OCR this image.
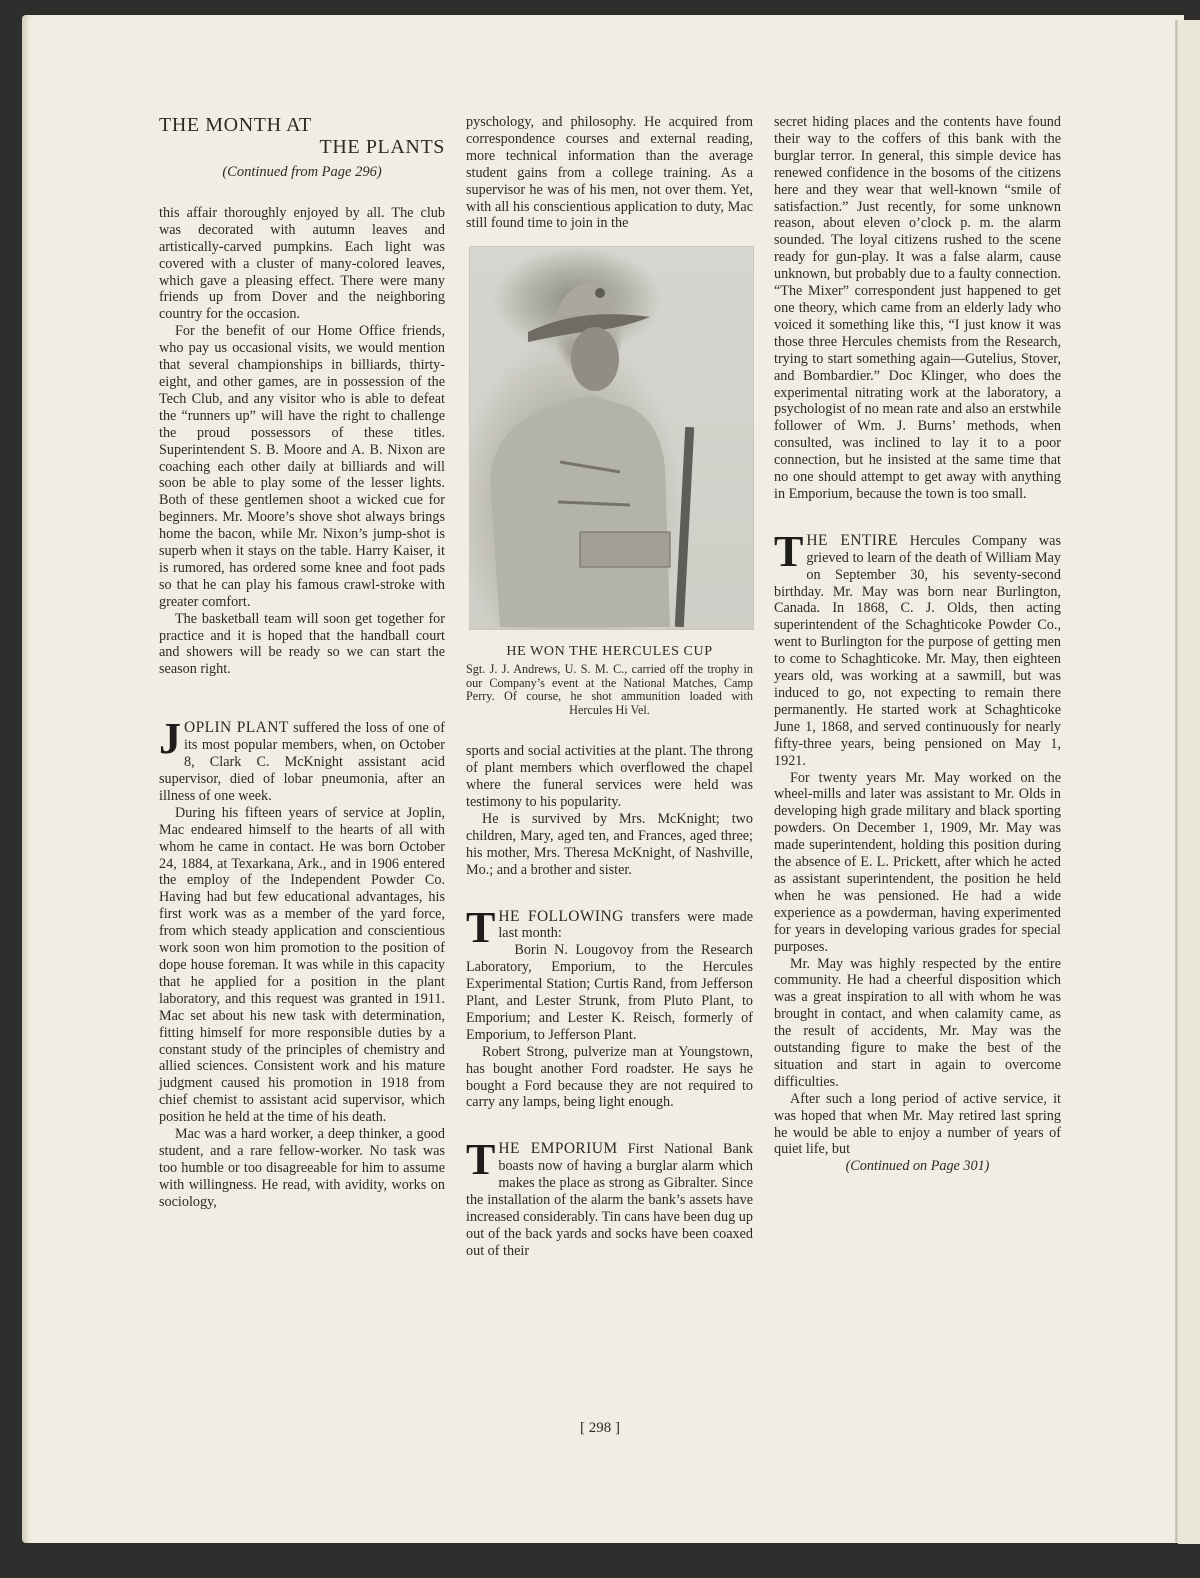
THE MONTH AT
THE PLANTS
(Continued from Page 296)

this affair thoroughly enjoyed by all. The club was decorated with autumn leaves and artistically-carved pumpkins. Each light was covered with a cluster of many-colored leaves, which gave a pleasing effect. There were many friends up from Dover and the neighboring country for the occasion.

For the benefit of our Home Office friends, who pay us occasional visits, we would mention that several championships in billiards, thirty-eight, and other games, are in possession of the Tech Club, and any visitor who is able to defeat the “runners up” will have the right to challenge the proud possessors of these titles. Superintendent S. B. Moore and A. B. Nixon are coaching each other daily at billiards and will soon be able to play some of the lesser lights. Both of these gentlemen shoot a wicked cue for beginners. Mr. Moore’s shove shot always brings home the bacon, while Mr. Nixon’s jump-shot is superb when it stays on the table. Harry Kaiser, it is rumored, has ordered some knee and foot pads so that he can play his famous crawl-stroke with greater comfort.

The basketball team will soon get together for practice and it is hoped that the handball court and showers will be ready so we can start the season right.

JOPLIN PLANT suffered the loss of one of its most popular members, when, on October 8, Clark C. McKnight assistant acid supervisor, died of lobar pneumonia, after an illness of one week.

During his fifteen years of service at Joplin, Mac endeared himself to the hearts of all with whom he came in contact. He was born October 24, 1884, at Texarkana, Ark., and in 1906 entered the employ of the Independent Powder Co. Having had but few educational advantages, his first work was as a member of the yard force, from which steady application and conscientious work soon won him promotion to the position of dope house foreman. It was while in this capacity that he applied for a position in the plant laboratory, and this request was granted in 1911. Mac set about his new task with determination, fitting himself for more responsible duties by a constant study of the principles of chemistry and allied sciences. Consistent work and his mature judgment caused his promotion in 1918 from chief chemist to assistant acid supervisor, which position he held at the time of his death.

Mac was a hard worker, a deep thinker, a good student, and a rare fellow-worker. No task was too humble or too disagreeable for him to assume with willingness. He read, with avidity, works on sociology,

pyschology, and philosophy. He acquired from correspondence courses and external reading, more technical information than the average student gains from a college training. As a supervisor he was of his men, not over them. Yet, with all his conscientious application to duty, Mac still found time to join in the

HE WON THE HERCULES CUP
Sgt. J. J. Andrews, U. S. M. C., carried off the trophy in our Company’s event at the National Matches, Camp Perry. Of course, he shot ammunition loaded with Hercules Hi Vel.

sports and social activities at the plant. The throng of plant members which overflowed the chapel where the funeral services were held was testimony to his popularity.

He is survived by Mrs. McKnight; two children, Mary, aged ten, and Frances, aged three; his mother, Mrs. Theresa McKnight, of Nashville, Mo.; and a brother and sister.

THE FOLLOWING transfers were made last month:

Borin N. Lougovoy from the Research Laboratory, Emporium, to the Hercules Experimental Station; Curtis Rand, from Jefferson Plant, and Lester Strunk, from Pluto Plant, to Emporium; and Lester K. Reisch, formerly of Emporium, to Jefferson Plant.

Robert Strong, pulverize man at Youngstown, has bought another Ford roadster. He says he bought a Ford because they are not required to carry any lamps, being light enough.

THE EMPORIUM First National Bank boasts now of having a burglar alarm which makes the place as strong as Gibralter. Since the installation of the alarm the bank’s assets have increased considerably. Tin cans have been dug up out of the back yards and socks have been coaxed out of their

secret hiding places and the contents have found their way to the coffers of this bank with the burglar terror. In general, this simple device has renewed confidence in the bosoms of the citizens here and they wear that well-known “smile of satisfaction.” Just recently, for some unknown reason, about eleven o’clock p. m. the alarm sounded. The loyal citizens rushed to the scene ready for gun-play. It was a false alarm, cause unknown, but probably due to a faulty connection. “The Mixer” correspondent just happened to get one theory, which came from an elderly lady who voiced it something like this, “I just know it was those three Hercules chemists from the Research, trying to start something again—Gutelius, Stover, and Bombardier.” Doc Klinger, who does the experimental nitrating work at the laboratory, a psychologist of no mean rate and also an erstwhile follower of Wm. J. Burns’ methods, when consulted, was inclined to lay it to a poor connection, but he insisted at the same time that no one should attempt to get away with anything in Emporium, because the town is too small.

THE ENTIRE Hercules Company was grieved to learn of the death of William May on September 30, his seventy-second birthday. Mr. May was born near Burlington, Canada. In 1868, C. J. Olds, then acting superintendent of the Schaghticoke Powder Co., went to Burlington for the purpose of getting men to come to Schaghticoke. Mr. May, then eighteen years old, was working at a sawmill, but was induced to go, not expecting to remain there permanently. He started work at Schaghticoke June 1, 1868, and served continuously for nearly fifty-three years, being pensioned on May 1, 1921.

For twenty years Mr. May worked on the wheel-mills and later was assistant to Mr. Olds in developing high grade military and black sporting powders. On December 1, 1909, Mr. May was made superintendent, holding this position during the absence of E. L. Prickett, after which he acted as assistant superintendent, the position he held when he was pensioned. He had a wide experience as a powderman, having experimented for years in developing various grades for special purposes.

Mr. May was highly respected by the entire community. He had a cheerful disposition which was a great inspiration to all with whom he was brought in contact, and when calamity came, as the result of accidents, Mr. May was the outstanding figure to make the best of the situation and start in again to overcome difficulties.

After such a long period of active service, it was hoped that when Mr. May retired last spring he would be able to enjoy a number of years of quiet life, but

(Continued on Page 301)

[ 298 ]
